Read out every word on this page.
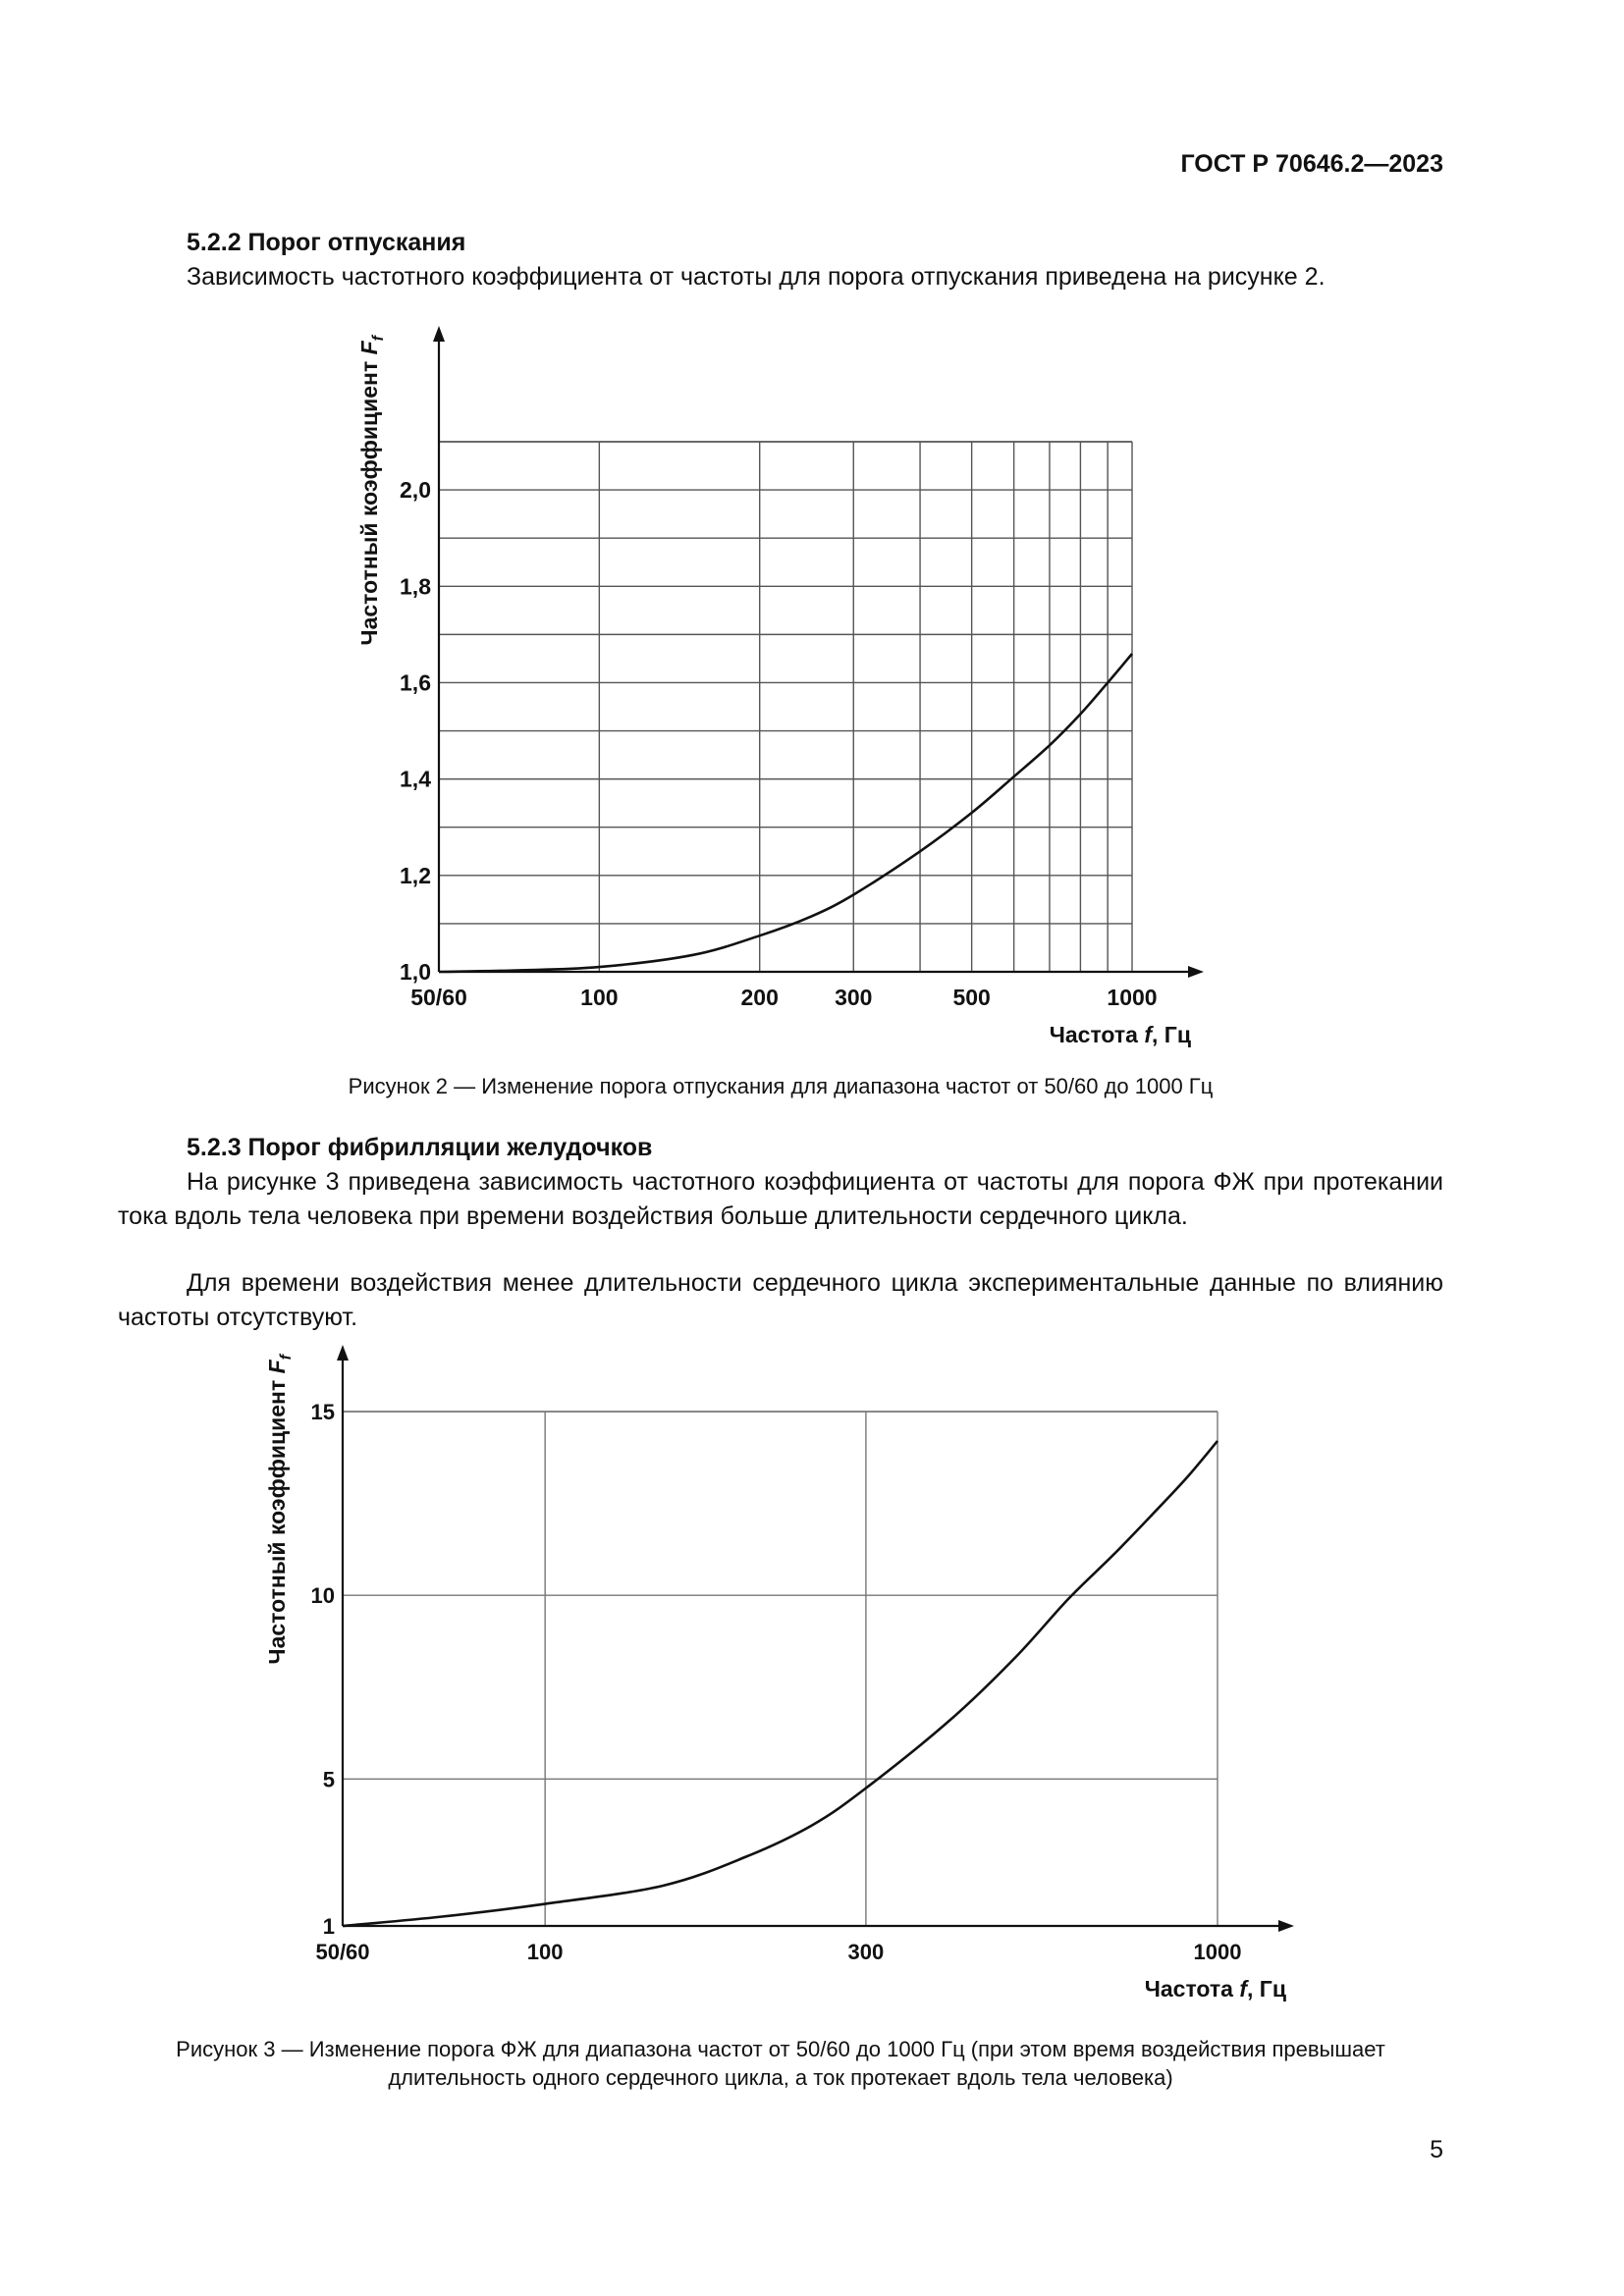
ГОСТ Р 70646.2—2023
5.2.2 Порог отпускания

Зависимость частотного коэффициента от частоты для порога отпускания приведена на рисунке 2.

1,0
1,2
1,4
1,6
1,8
2,0
50/60	100	200 300	500	1000
Частота f, Гц
Частотный коэффициент $F_f$
Рисунок 2 — Изменение порога отпускания для диапазона частот от 50/60 до 1000 Гц
5.2.3 Порог фибрилляции желудочков

На рисунке 3 приведена зависимость частотного коэффициента от частоты для порога ФЖ при протекании тока вдоль тела человека при времени воздействия больше длительности сердечного цикла.

Для времени воздействия менее длительности сердечного цикла экспериментальные данные по влиянию частоты отсутствуют.

1
5
10
15
50/60	100	300	1000
Частота f, Гц
Частотный коэффициент $F_f$
Рисунок 3 — Изменение порога ФЖ для диапазона частот от 50/60 до 1000 Гц (при этом время воздействия превышает длительность одного сердечного цикла, а ток протекает вдоль тела человека)
5
